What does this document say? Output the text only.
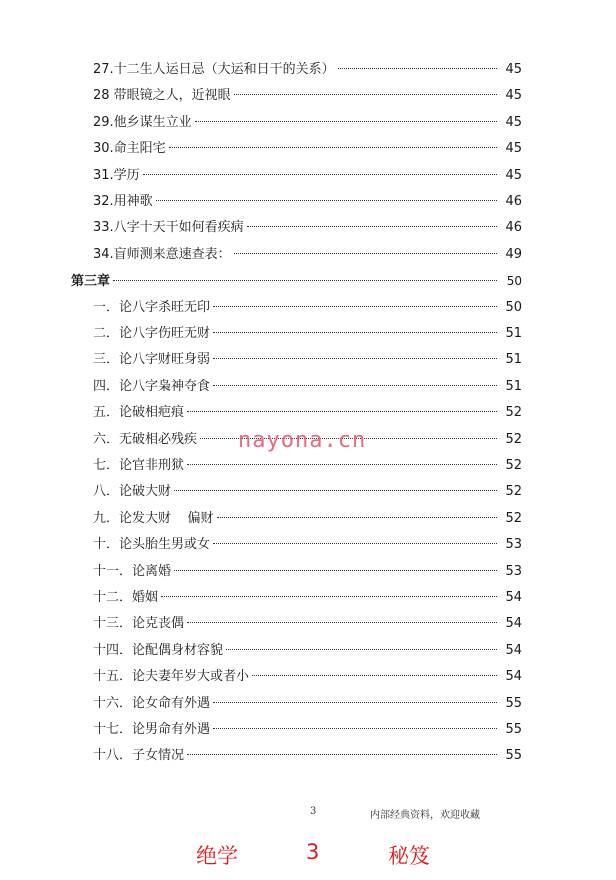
27.十二生人运日忌（大运和日干的关系）	45
28 带眼镜之人，近视眼	45
29.他乡谋生立业	45
30.命主阳宅	45
31.学历	45
32.用神歌	46
33.八字十天干如何看疾病	46
34.盲师测来意速查表：	49
第三章	50
一．论八字杀旺无印	50
二．论八字伤旺无财	51
三．论八字财旺身弱	51
四．论八字枭神夺食	51
五．论破相疤痕	52
六．无破相必残疾	52
七．论官非刑狱	52
八．论破大财	52
九．论发大财    偏财	52
十．论头胎生男或女	53
十一．论离婚	53
十二．婚姻	54
十三．论克丧偶	54
十四．论配偶身材容貌	54
十五．论夫妻年岁大或者小	54
十六．论女命有外遇	55
十七．论男命有外遇	55
十八．子女情况	55
nayona.cn
3	内部经典资料，欢迎收藏
绝学	3	秘笈
